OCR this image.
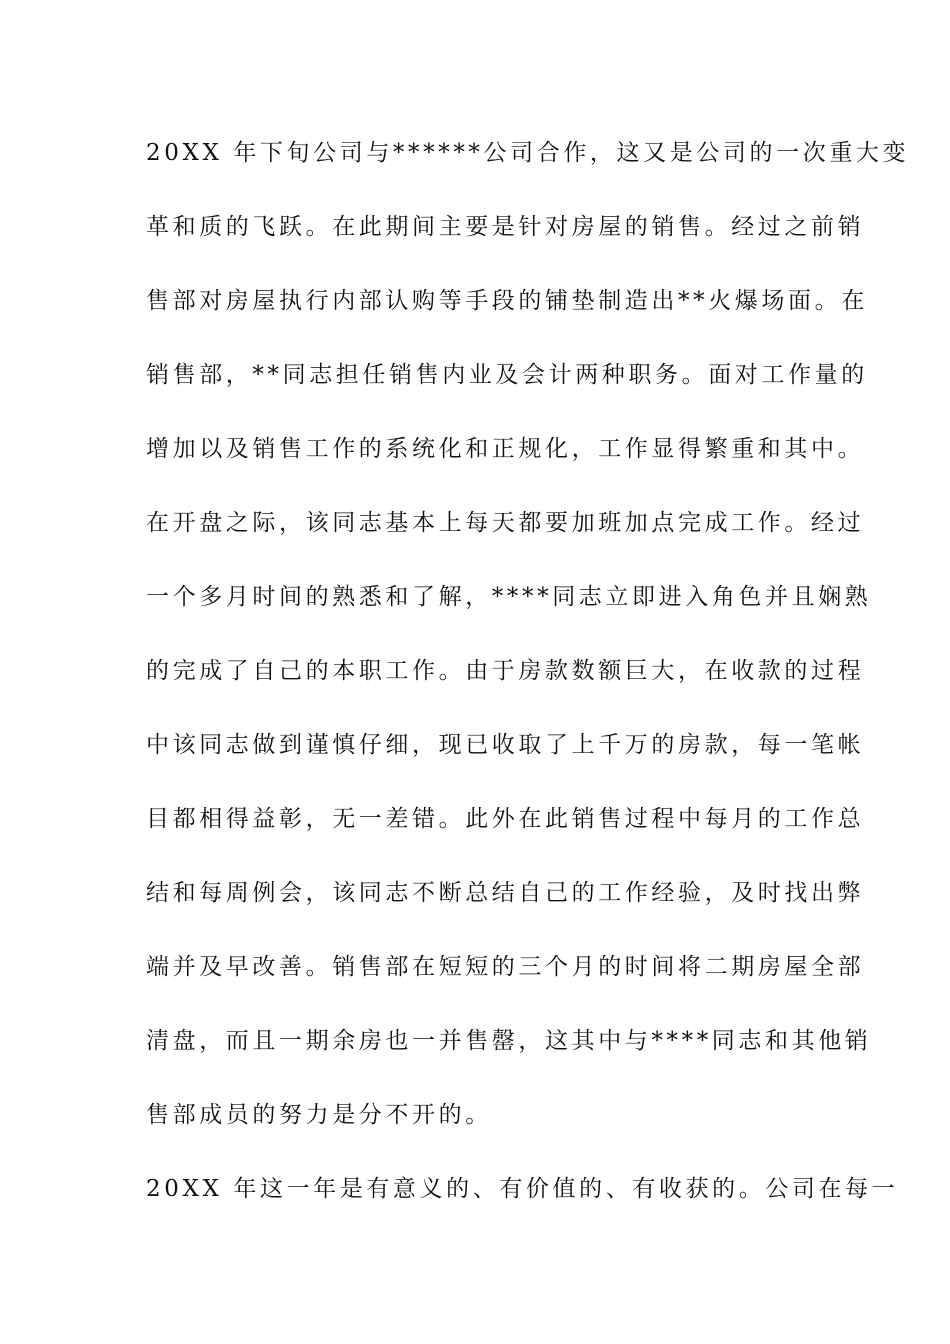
20XX 年下旬公司与******公司合作，这又是公司的一次重大变
革和质的飞跃。在此期间主要是针对房屋的销售。经过之前销
售部对房屋执行内部认购等手段的铺垫制造出**火爆场面。在
销售部，**同志担任销售内业及会计两种职务。面对工作量的
增加以及销售工作的系统化和正规化，工作显得繁重和其中。
在开盘之际，该同志基本上每天都要加班加点完成工作。经过
一个多月时间的熟悉和了解，****同志立即进入角色并且娴熟
的完成了自己的本职工作。由于房款数额巨大，在收款的过程
中该同志做到谨慎仔细，现已收取了上千万的房款，每一笔帐
目都相得益彰，无一差错。此外在此销售过程中每月的工作总
结和每周例会，该同志不断总结自己的工作经验，及时找出弊
端并及早改善。销售部在短短的三个月的时间将二期房屋全部
清盘，而且一期余房也一并售罄，这其中与****同志和其他销
售部成员的努力是分不开的。
20XX 年这一年是有意义的、有价值的、有收获的。公司在每一
